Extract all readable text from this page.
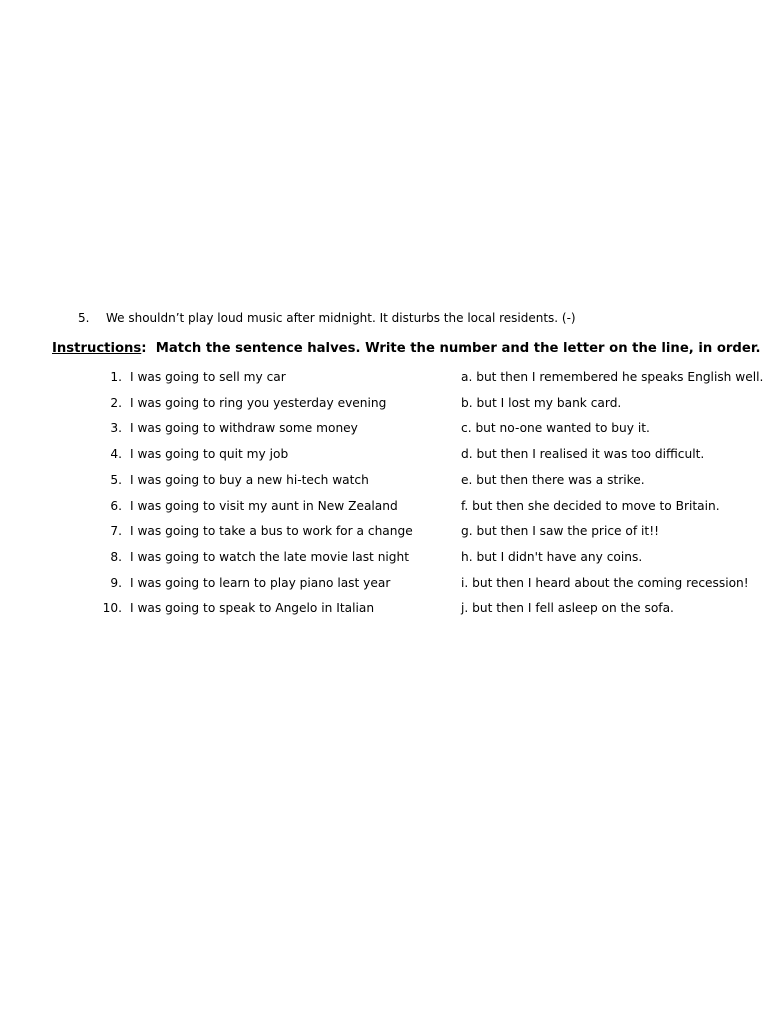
5. We shouldn’t play loud music after midnight. It disturbs the local residents. (-)
Instructions: Match the sentence halves. Write the number and the letter on the line, in order.
1. I was going to sell my car	a. but then I remembered he speaks English well.
2. I was going to ring you yesterday evening	b. but I lost my bank card.
3. I was going to withdraw some money	c. but no-one wanted to buy it.
4. I was going to quit my job	d. but then I realised it was too difficult.
5. I was going to buy a new hi-tech watch	e. but then there was a strike.
6. I was going to visit my aunt in New Zealand	f. but then she decided to move to Britain.
7. I was going to take a bus to work for a change	g. but then I saw the price of it!!
8. I was going to watch the late movie last night	h. but I didn't have any coins.
9. I was going to learn to play piano last year	i. but then I heard about the coming recession!
10. I was going to speak to Angelo in Italian	j. but then I fell asleep on the sofa.
